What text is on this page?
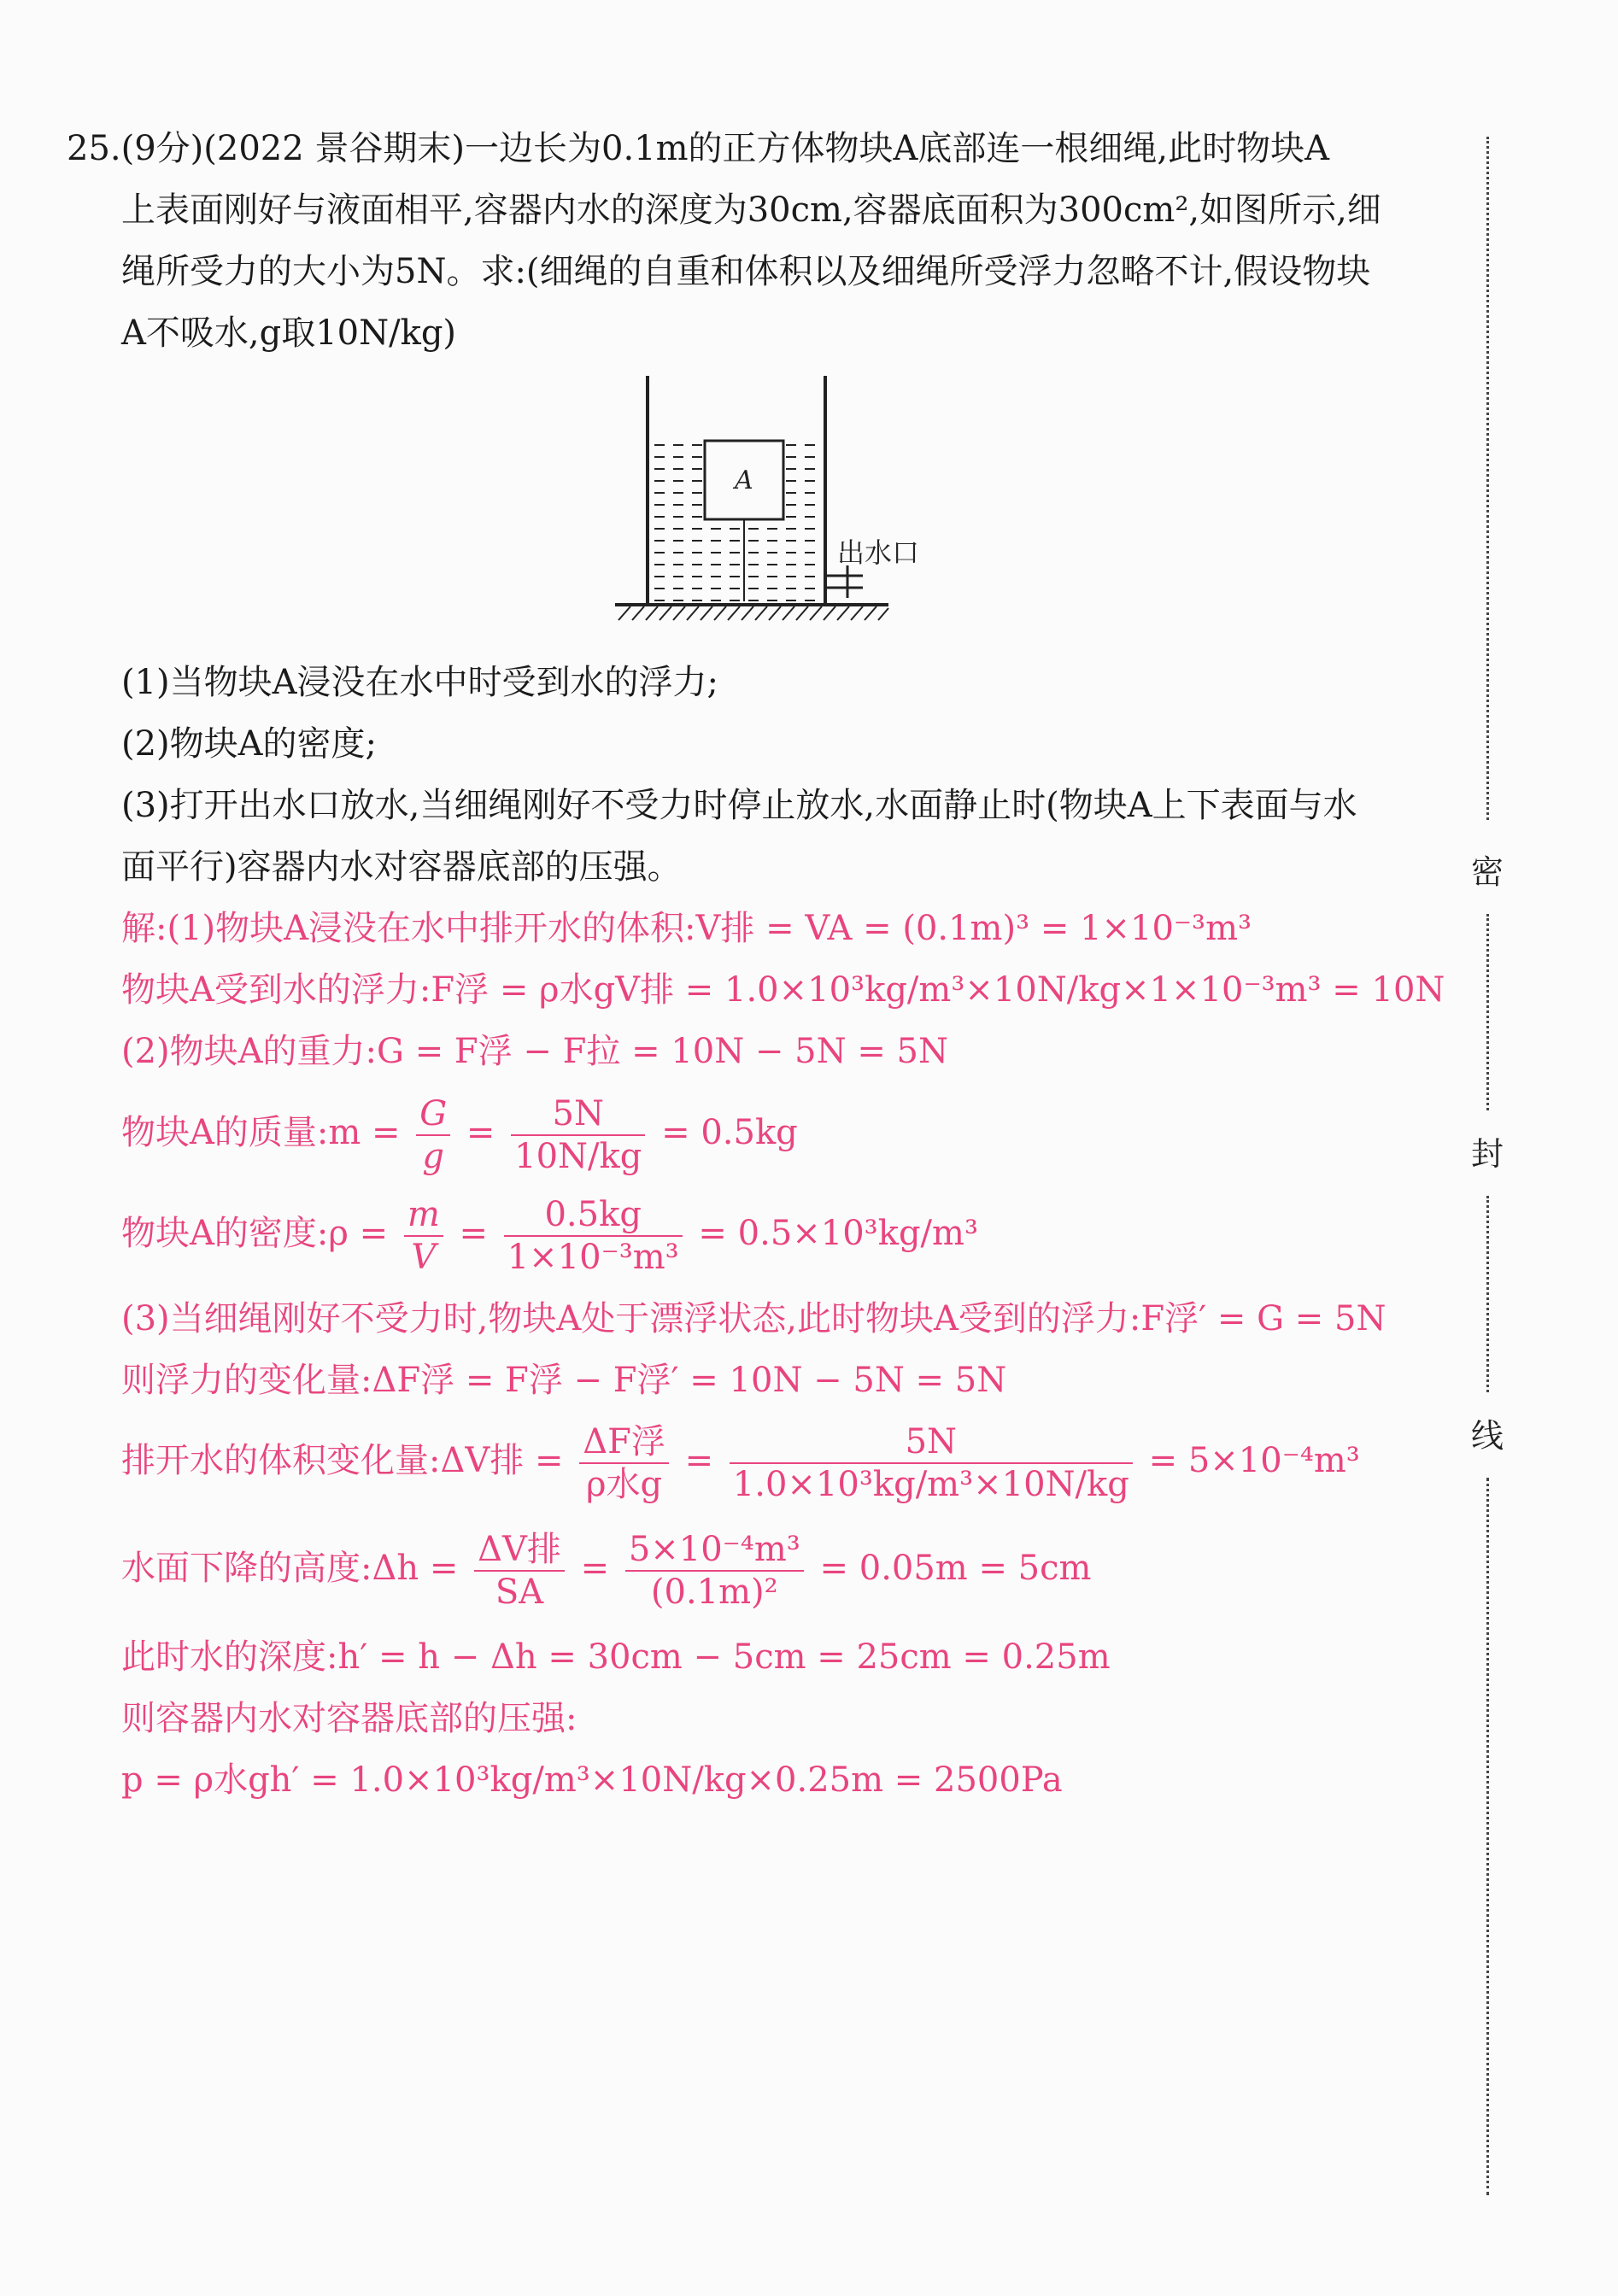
25.(9分)(2022 景谷期末)一边长为0.1m的正方体物块A底部连一根细绳,此时物块A
上表面刚好与液面相平,容器内水的深度为30cm,容器底面积为300cm²,如图所示,细
绳所受力的大小为5N。求:(细绳的自重和体积以及细绳所受浮力忽略不计,假设物块
A不吸水,g取10N/kg)
A
出水口
(1)当物块A浸没在水中时受到水的浮力;
(2)物块A的密度;
(3)打开出水口放水,当细绳刚好不受力时停止放水,水面静止时(物块A上下表面与水
面平行)容器内水对容器底部的压强。
解:(1)物块A浸没在水中排开水的体积:V排 = VA = (0.1m)³ = 1×10⁻³m³
物块A受到水的浮力:F浮 = ρ水gV排 = 1.0×10³kg/m³×10N/kg×1×10⁻³m³ = 10N
(2)物块A的重力:G = F浮 − F拉 = 10N − 5N = 5N
物块A的质量:m = $\frac{G}{g} = \frac{5N}{10N/kg} = 0.5kg$
物块A的密度:ρ = $\frac{m}{V} = \frac{0.5kg}{\text{1×10⁻³m³}} = 0.5\times 10^3kg/m^3$
(3)当细绳刚好不受力时,物块A处于漂浮状态,此时物块A受到的浮力:F浮′ = G = 5N
则浮力的变化量:ΔF浮 = F浮 − F浮′ = 10N − 5N = 5N
排开水的体积变化量:ΔV排 = $\frac{\text{ΔF浮}}{\text{ρ水g}} = \frac{5N}{\text{1.0×10³kg/m³×10N/kg}} = 5\times 10^{-4}m^3$
水面下降的高度:Δh = $\frac{\text{ΔV排}}{SA} = \frac{\text{5×10⁻⁴m³}}{\text{(0.1m)²}} = 0.05m = 5cm$
此时水的深度:h′ = h − Δh = 30cm − 5cm = 25cm = 0.25m
则容器内水对容器底部的压强:
p = ρ水gh′ = 1.0×10³kg/m³×10N/kg×0.25m = 2500Pa
密
封
线
